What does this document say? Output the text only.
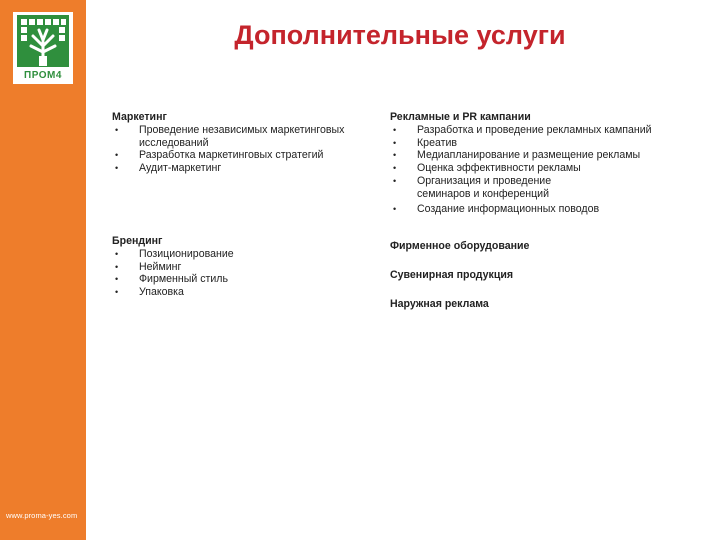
ПРОМ4
www.proma-yes.com
Дополнительные услуги
Маркетинг
• Проведение независимых маркетинговых исследований
• Разработка маркетинговых стратегий
• Аудит-маркетинг
Брендинг
• Позиционирование
• Нейминг
• Фирменный стиль
• Упаковка
Рекламные и PR кампании
• Разработка и проведение рекламных кампаний
• Креатив
• Медиапланирование и размещение рекламы
• Оценка эффективности рекламы
• Организация и проведение семинаров и конференций
• Создание информационных поводов
Фирменное оборудование
Сувенирная продукция
Наружная реклама
